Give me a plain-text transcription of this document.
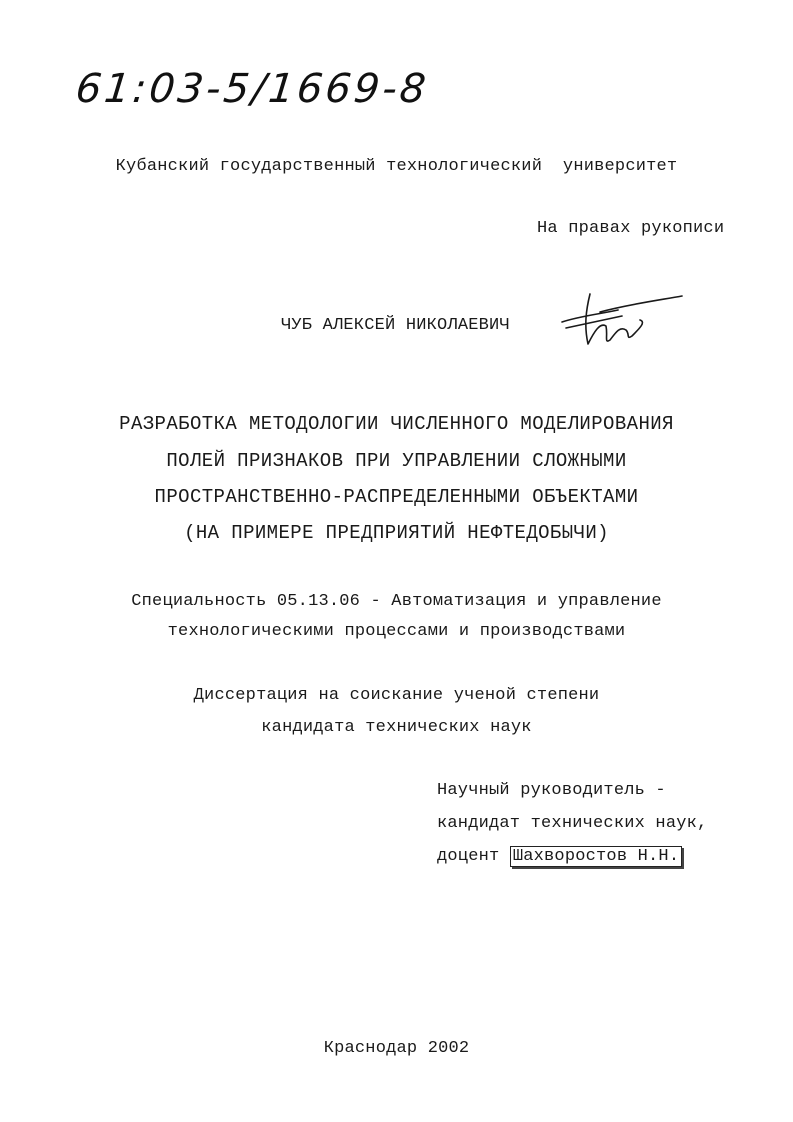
61:03-5/1669-8
Кубанский государственный технологический  университет
На правах рукописи
ЧУБ АЛЕКСЕЙ НИКОЛАЕВИЧ
РАЗРАБОТКА МЕТОДОЛОГИИ ЧИСЛЕННОГО МОДЕЛИРОВАНИЯ
ПОЛЕЙ ПРИЗНАКОВ ПРИ УПРАВЛЕНИИ СЛОЖНЫМИ
ПРОСТРАНСТВЕННО-РАСПРЕДЕЛЕННЫМИ ОБЪЕКТАМИ
(НА ПРИМЕРЕ ПРЕДПРИЯТИЙ НЕФТЕДОБЫЧИ)
Специальность 05.13.06 - Автоматизация и управление
технологическими процессами и производствами
Диссертация на соискание ученой степени
кандидата технических наук
Научный руководитель -
кандидат технических наук,
доцент Шахворостов Н.Н.
Краснодар 2002
